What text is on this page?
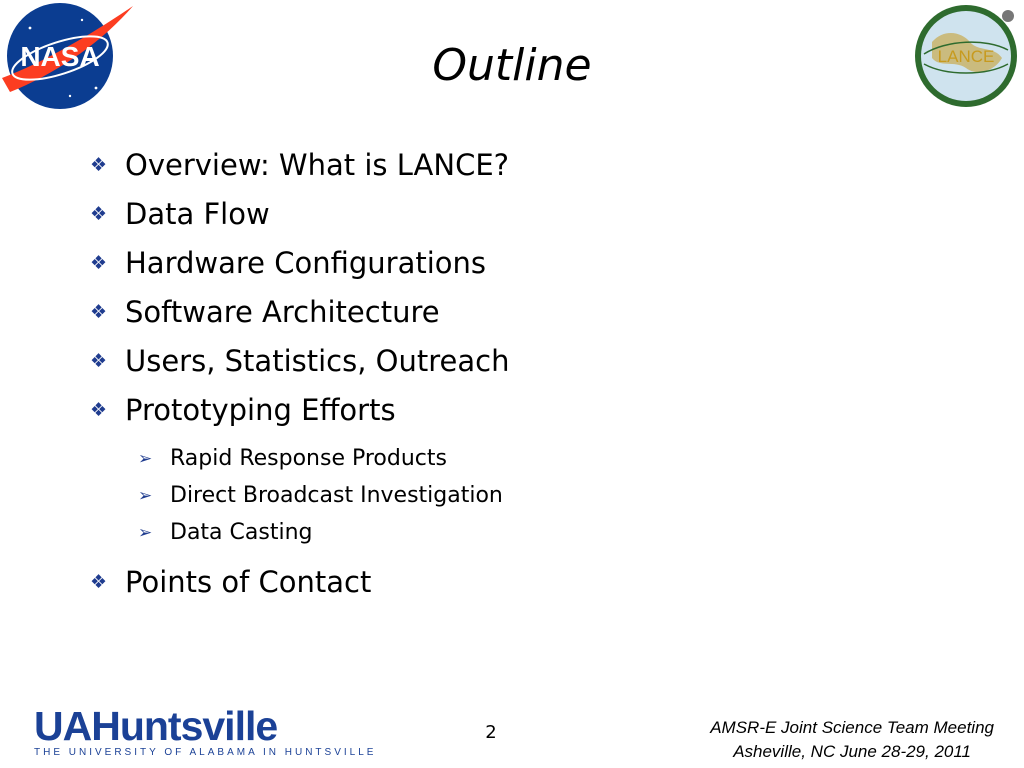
NASA	LANCE
Outline
❖ Overview: What is LANCE?
❖ Data Flow
❖ Hardware Configurations
❖ Software Architecture
❖ Users, Statistics, Outreach
❖ Prototyping Efforts
➢ Rapid Response Products
➢ Direct Broadcast Investigation
➢ Data Casting
❖ Points of Contact
UAHuntsville
THE UNIVERSITY OF ALABAMA IN HUNTSVILLE
2	AMSR-E Joint Science Team Meeting
Asheville, NC June 28-29, 2011
